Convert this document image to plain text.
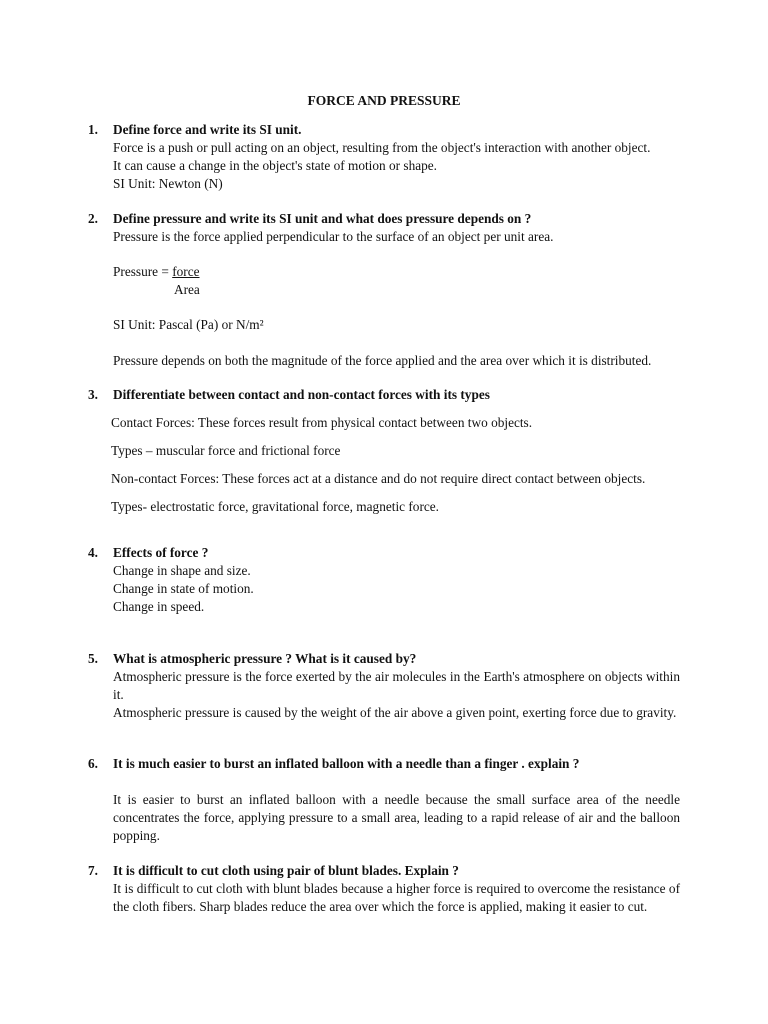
FORCE AND PRESSURE
1.	Define force and write its SI unit.
Force is a push or pull acting on an object, resulting from the object's interaction with another object.
It can cause a change in the object's state of motion or shape.
SI Unit: Newton (N)
2.	Define pressure and write its SI unit and what does pressure depends on ?
Pressure is the force applied perpendicular to the surface of an object per unit area.
Pressure = force
Area
SI Unit: Pascal (Pa) or N/m²
Pressure depends on both the magnitude of the force applied and the area over which it is distributed.
3.	Differentiate between contact and non-contact forces with its types

Contact Forces: These forces result from physical contact between two objects.

Types – muscular force and frictional force

Non-contact Forces: These forces act at a distance and do not require direct contact between objects.

Types- electrostatic force, gravitational force, magnetic force.

4.	Effects of force ?
Change in shape and size.
Change in state of motion.
Change in speed.
5.	What is atmospheric pressure ? What is it caused by?
Atmospheric pressure is the force exerted by the air molecules in the Earth's atmosphere on objects within it.
Atmospheric pressure is caused by the weight of the air above a given point, exerting force due to gravity.
6.	It is much easier to burst an inflated balloon with a needle than a finger . explain ?
It is easier to burst an inflated balloon with a needle because the small surface area of the needle concentrates the force, applying pressure to a small area, leading to a rapid release of air and the balloon popping.
7.	It is difficult to cut cloth using pair of blunt blades. Explain ?
It is difficult to cut cloth with blunt blades because a higher force is required to overcome the resistance of the cloth fibers. Sharp blades reduce the area over which the force is applied, making it easier to cut.
